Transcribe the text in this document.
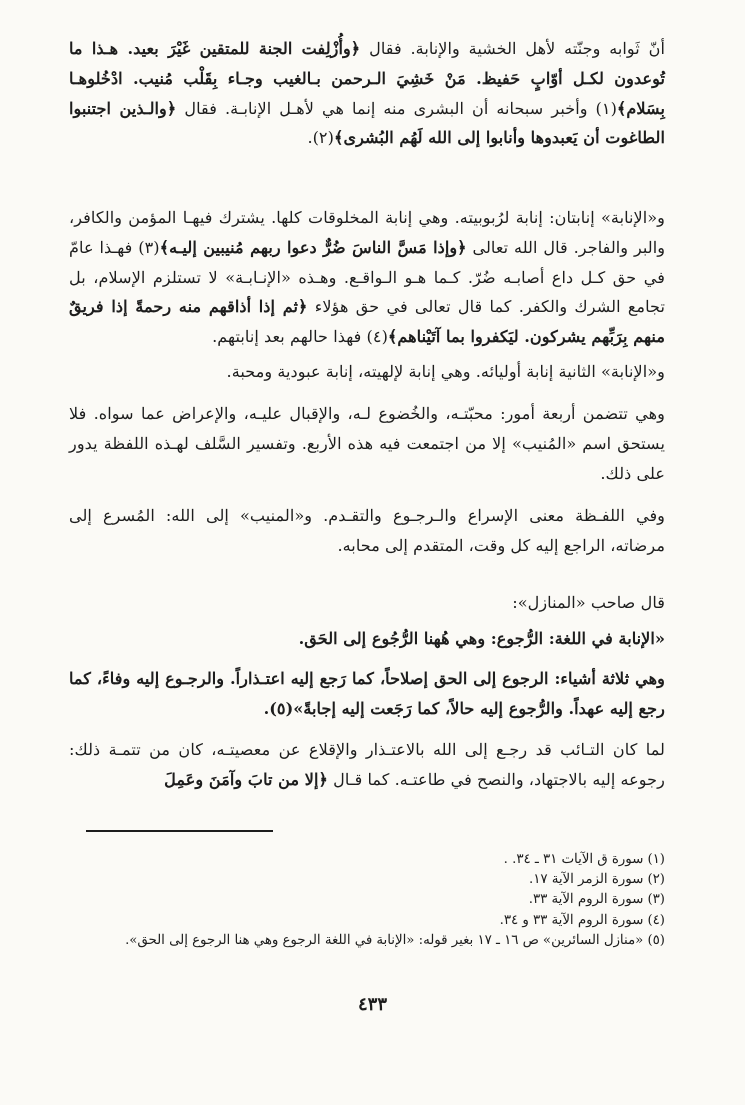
أنّ ثَوابه وجنّته لأهل الخشية والإنابة. فقال ﴿وأُزْلِفت الجنة للمتقين غَيْرَ بعيد. هـذا ما تُوعدون لكـل أوّابٍ حَفيظ. مَنْ خَشِيَ الـرحمن بـالغيب وجـاء بِقَلْب مُنيب. ادْخُلوهـا بِسَلام﴾(١) وأخبر سبحانه أن البشرى منه إنما هي لأهـل الإنابـة. فقال ﴿والـذين اجتنبوا الطاغوت أن يَعبدوها وأنابوا إلى الله لَهُم البُشرى﴾(٢).

و«الإنابة» إنابتان: إنابة لرُبوبيته. وهي إنابة المخلوقات كلها. يشترك فيهـا المؤمن والكافر، والبر والفاجر. قال الله تعالى ﴿وإذا مَسَّ الناسَ ضُرٌّ دعوا ربهم مُنيبين إليـه﴾(٣) فهـذا عامّ في حق كـل داع أصابـه ضُرّ. كـما هـو الـواقـع. وهـذه «الإنـابـة» لا تستلزم الإسلام، بل تجامع الشرك والكفر. كما قال تعالى في حق هؤلاء ﴿ثم إذا أذاقهم منه رحمةً إذا فريقٌ منهم بِرَبِّهم يشركون. ليَكفروا بما آتَيْناهم﴾(٤) فهذا حالهم بعد إنابتهم.

و«الإنابة» الثانية إنابة أوليائه. وهي إنابة لإلهيته، إنابة عبودية ومحبة.

وهي تتضمن أربعة أمور: محبّتـه، والخُضوع لـه، والإقبال عليـه، والإعراض عما سواه. فلا يستحق اسم «المُنيب» إلا من اجتمعت فيه هذه الأربع. وتفسير السَّلف لهـذه اللفظة يدور على ذلك.

وفي اللفـظة معنى الإسراع والـرجـوع والتقـدم. و«المنيب» إلى الله: المُسرع إلى مرضاته، الراجع إليه كل وقت، المتقدم إلى محابه.

قال صاحب «المنازل»:

«الإنابة في اللغة: الرُّجوع: وهي هُهنا الرُّجُوع إلى الحَق.

وهي ثلاثة أشياء: الرجوع إلى الحق إصلاحاً، كما رَجع إليه اعتـذاراً. والرجـوع إليه وفاءً، كما رجع إليه عهداً. والرُّجوع إليه حالاً، كما رَجَعت إليه إجابةً»(٥).

لما كان التـائب قد رجـع إلى الله بالاعتـذار والإقلاع عن معصيتـه، كان من تتمـة ذلك: رجوعه إليه بالاجتهاد، والنصح في طاعتـه. كما قـال ﴿إلا من تابَ وآمَنَ وعَمِلَ

(١) سورة ق الآيات ٣١ ـ ٣٤. .

(٢) سورة الزمر الآية ١٧.

(٣) سورة الروم الآية ٣٣.

(٤) سورة الروم الآية ٣٣ و ٣٤.

(٥) «منازل السائرين» ص ١٦ ـ ١٧ بغير قوله: «الإنابة في اللغة الرجوع وهي هنا الرجوع إلى الحق».

٤٣٣
